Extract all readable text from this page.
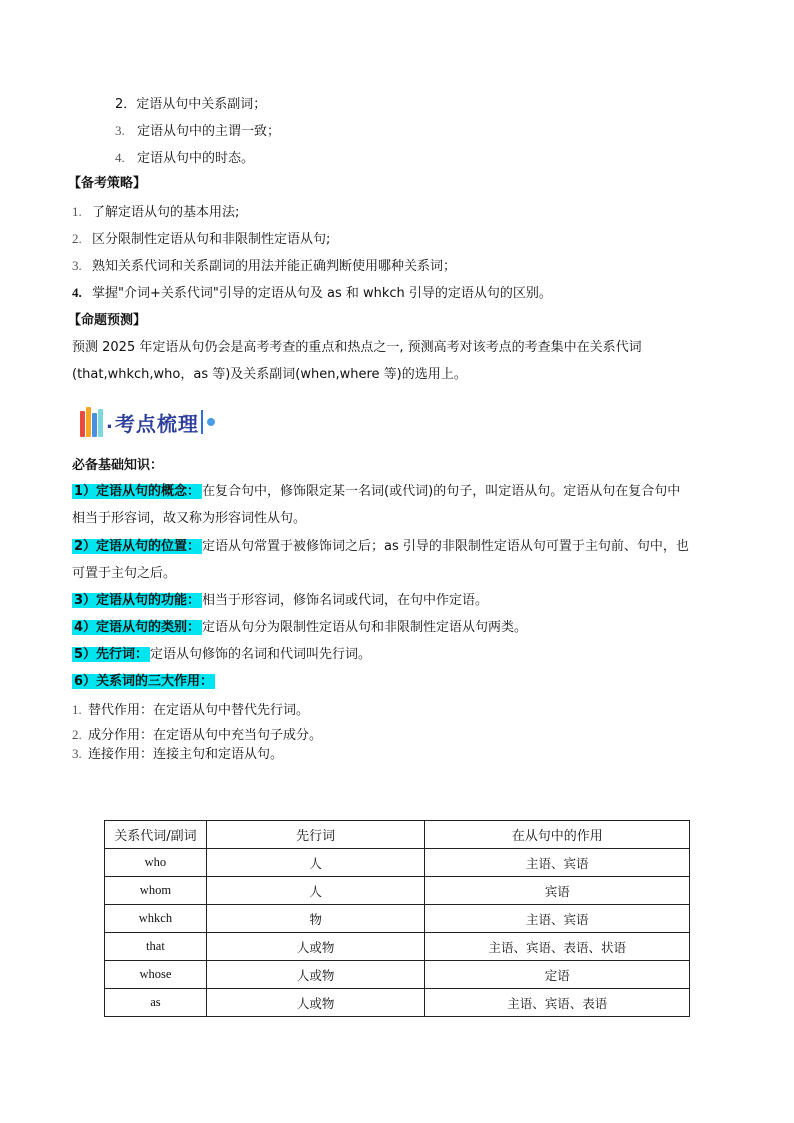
2．定语从句中关系副词；
3. 定语从句中的主谓一致；
4. 定语从句中的时态。
【备考策略】
1. 了解定语从句的基本用法;
2. 区分限制性定语从句和非限制性定语从句;
3. 熟知关系代词和关系副词的用法并能正确判断使用哪种关系词；
4. 掌握"介词+关系代词"引导的定语从句及 as 和 whkch 引导的定语从句的区别。
【命题预测】
预测 2025 年定语从句仍会是高考考查的重点和热点之一, 预测高考对该考点的考查集中在关系代词
(that,whkch,who，as 等)及关系副词(when,where 等)的选用上。
. 考点梳理
必备基础知识：
1）定语从句的概念： 在复合句中，修饰限定某一名词(或代词)的句子，叫定语从句。定语从句在复合句中
相当于形容词，故又称为形容词性从句。
2）定语从句的位置： 定语从句常置于被修饰词之后；as 引导的非限制性定语从句可置于主句前、句中，也
可置于主句之后。
3）定语从句的功能： 相当于形容词，修饰名词或代词，在句中作定语。
4）定语从句的类别： 定语从句分为限制性定语从句和非限制性定语从句两类。
5）先行词： 定语从句修饰的名词和代词叫先行词。
6）关系词的三大作用：
1. 替代作用：在定语从句中替代先行词。
2. 成分作用：在定语从句中充当句子成分。
3. 连接作用：连接主句和定语从句。
关系代词/副词	先行词	在从句中的作用
who	人	主语、宾语
whom	人	宾语
whkch	物	主语、宾语
that	人或物	主语、宾语、表语、状语
whose	人或物	定语
as	人或物	主语、宾语、表语
